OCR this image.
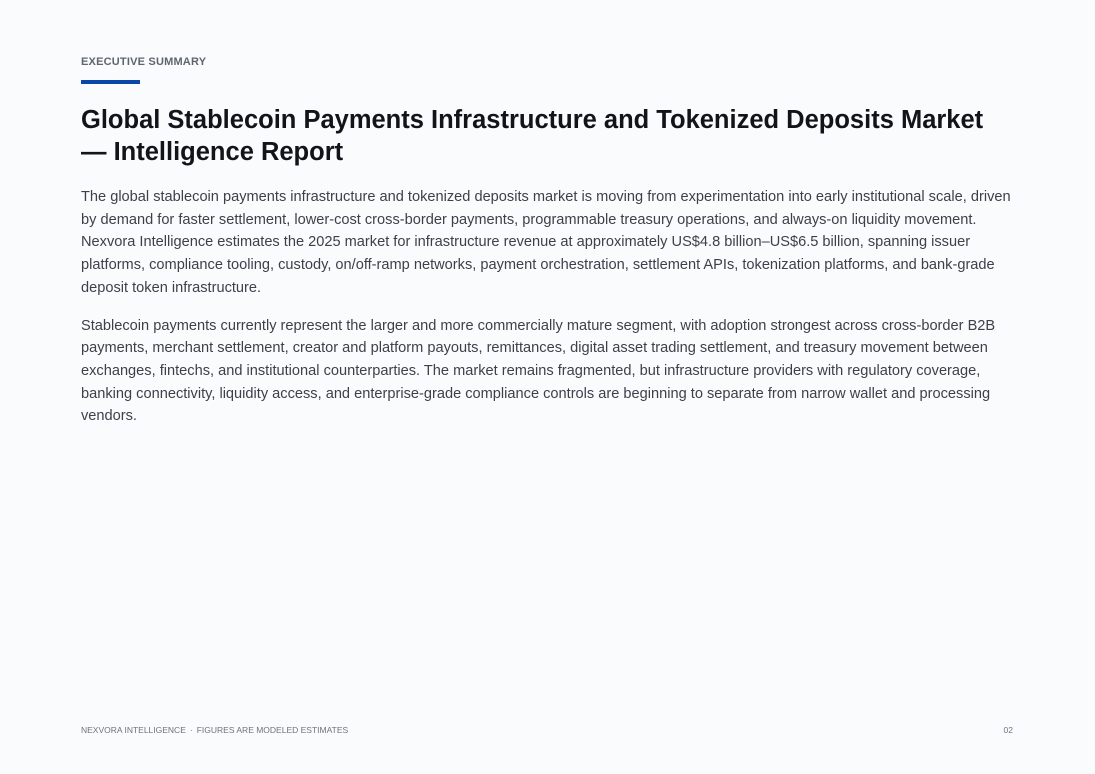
EXECUTIVE SUMMARY
Global Stablecoin Payments Infrastructure and Tokenized Deposits Market — Intelligence Report

The global stablecoin payments infrastructure and tokenized deposits market is moving from experimentation into early institutional scale, driven by demand for faster settlement, lower-cost cross-border payments, programmable treasury operations, and always-on liquidity movement. Nexvora Intelligence estimates the 2025 market for infrastructure revenue at approximately US$4.8 billion–US$6.5 billion, spanning issuer platforms, compliance tooling, custody, on/off-ramp networks, payment orchestration, settlement APIs, tokenization platforms, and bank-grade deposit token infrastructure.

Stablecoin payments currently represent the larger and more commercially mature segment, with adoption strongest across cross-border B2B payments, merchant settlement, creator and platform payouts, remittances, digital asset trading settlement, and treasury movement between exchanges, fintechs, and institutional counterparties. The market remains fragmented, but infrastructure providers with regulatory coverage, banking connectivity, liquidity access, and enterprise-grade compliance controls are beginning to separate from narrow wallet and processing vendors.

NEXVORA INTELLIGENCE · FIGURES ARE MODELED ESTIMATES	02
